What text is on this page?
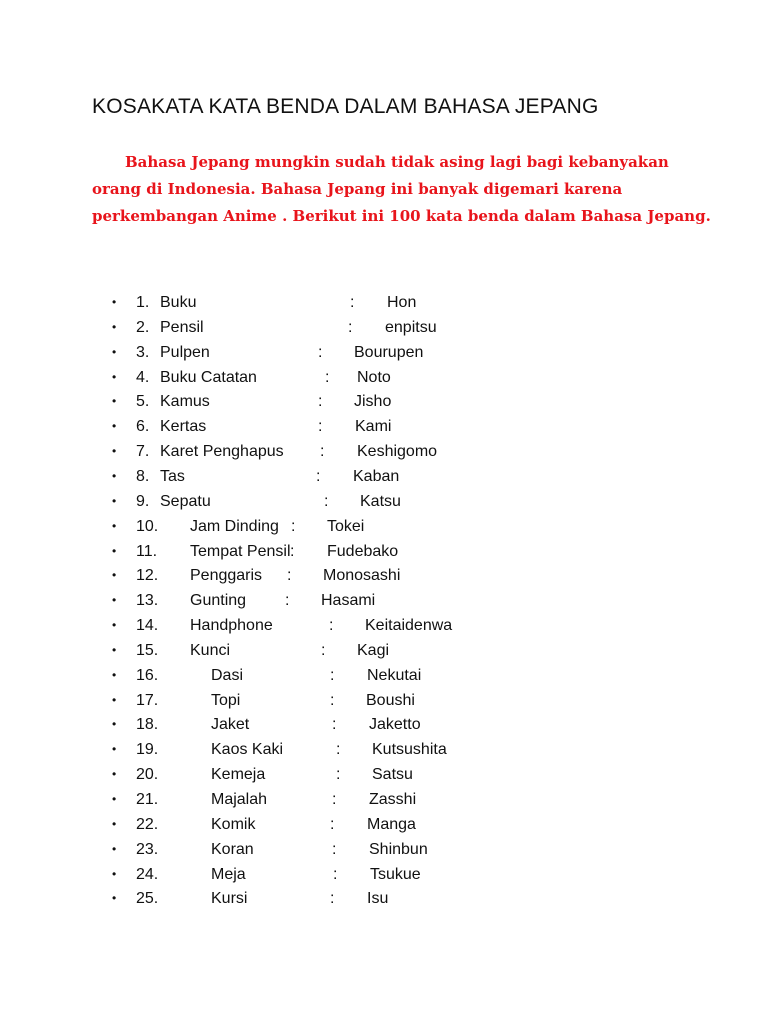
KOSAKATA KATA BENDA DALAM BAHASA JEPANG

Bahasa Jepang mungkin sudah tidak asing lagi bagi kebanyakan
orang di Indonesia. Bahasa Jepang ini banyak digemari karena
perkembangan Anime . Berikut ini 100 kata benda dalam Bahasa Jepang.

• 1. Buku	: Hon
• 2. Pensil	: enpitsu
• 3. Pulpen	: Bourupen
• 4. Buku Catatan	: Noto
• 5. Kamus	: Jisho
• 6. Kertas	: Kami
• 7. Karet Penghapus : Keshigomo
• 8. Tas	: Kaban
• 9. Sepatu	: Katsu
• 10. Jam Dinding : Tokei
• 11. Tempat Pensil : Fudebako
• 12. Penggaris : Monosashi
• 13. Gunting : Hasami
• 14. Handphone	: Keitaidenwa
• 15. Kunci	: Kagi
• 16.	Dasi	: Nekutai
• 17.	Topi	: Boushi
• 18.	Jaket	: Jaketto
• 19.	Kaos Kaki	: Kutsushita
• 20.	Kemeja	: Satsu
• 21.	Majalah	: Zasshi
• 22.	Komik	: Manga
• 23.	Koran	: Shinbun
• 24.	Meja	: Tsukue
• 25.	Kursi	: Isu
